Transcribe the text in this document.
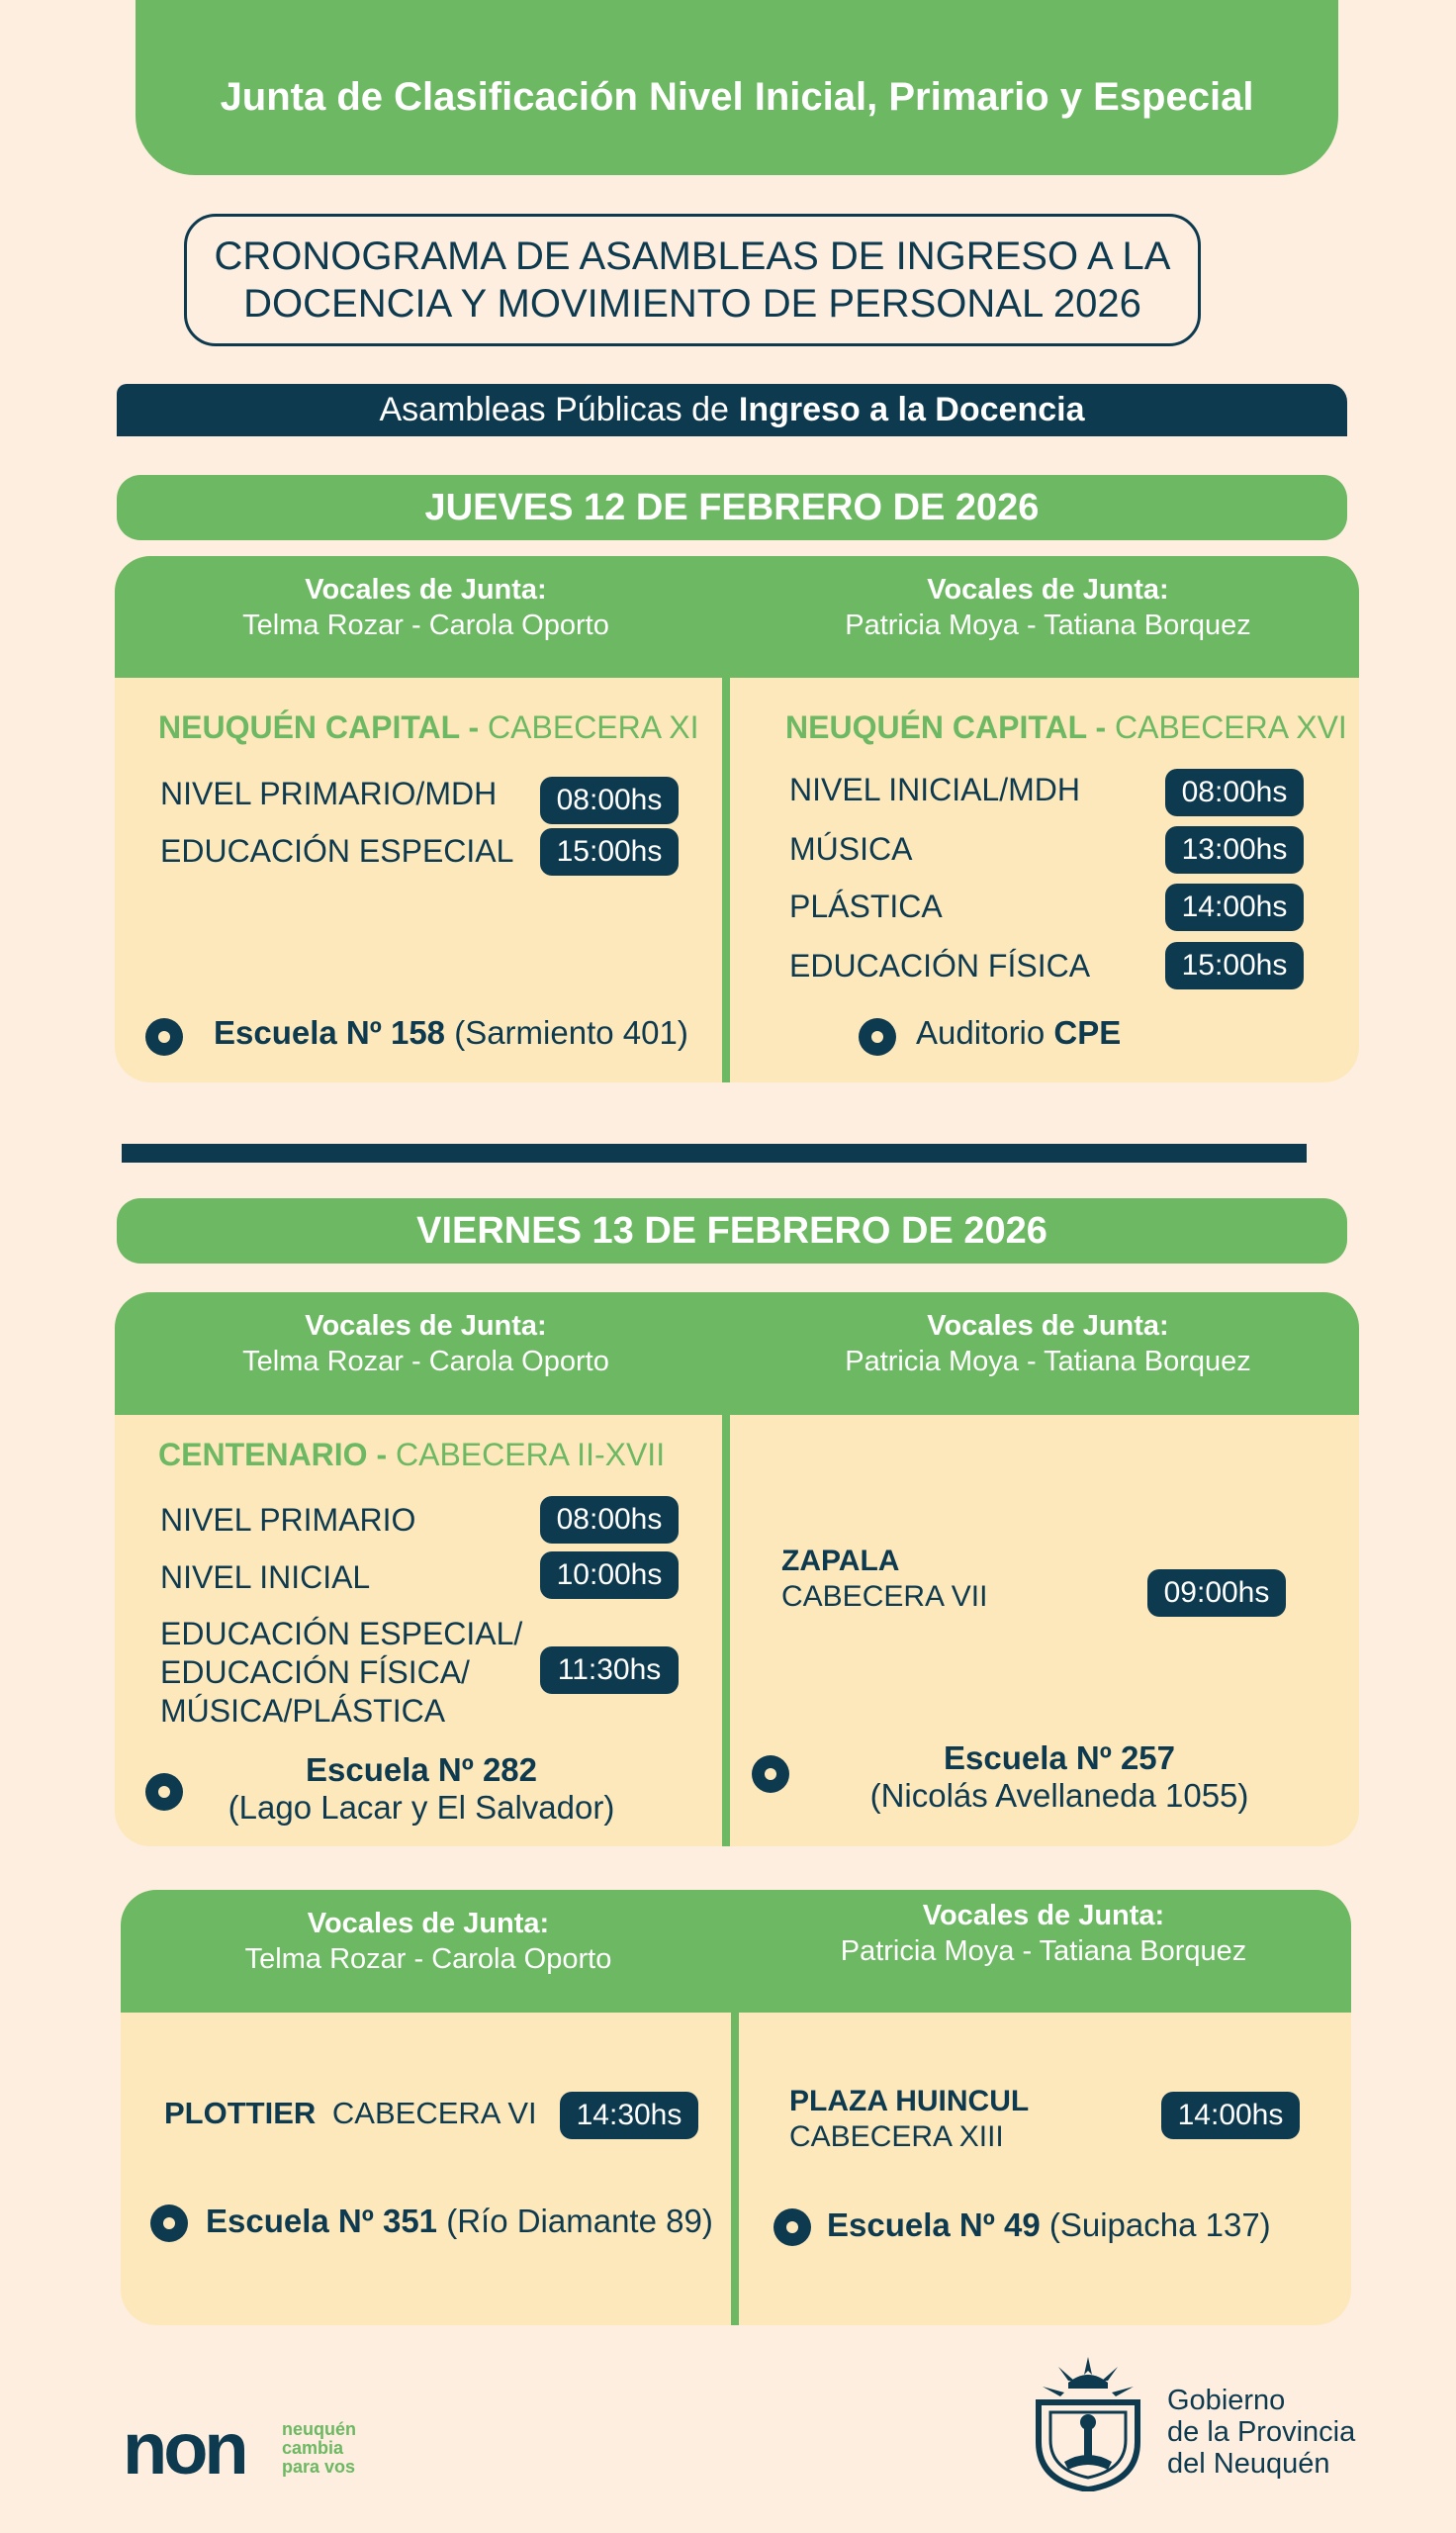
Junta de Clasificación Nivel Inicial, Primario y Especial
CRONOGRAMA DE ASAMBLEAS DE INGRESO A LA
DOCENCIA Y MOVIMIENTO DE PERSONAL 2026
Asambleas Públicas de Ingreso a la Docencia
JUEVES 12 DE FEBRERO DE 2026
Vocales de Junta:
Telma Rozar - Carola Oporto
Vocales de Junta:
Patricia Moya - Tatiana Borquez
NEUQUÉN CAPITAL - CABECERA XI
NIVEL PRIMARIO/MDH	08:00hs
EDUCACIÓN ESPECIAL	15:00hs
Escuela Nº 158 (Sarmiento 401)
NEUQUÉN CAPITAL - CABECERA XVI
NIVEL INICIAL/MDH	08:00hs
MÚSICA	13:00hs
PLÁSTICA	14:00hs
EDUCACIÓN FÍSICA	15:00hs
Auditorio CPE
VIERNES 13 DE FEBRERO DE 2026
Vocales de Junta:
Telma Rozar - Carola Oporto
Vocales de Junta:
Patricia Moya - Tatiana Borquez
CENTENARIO - CABECERA II-XVII
NIVEL PRIMARIO	08:00hs
NIVEL INICIAL	10:00hs
EDUCACIÓN ESPECIAL/
EDUCACIÓN FÍSICA/
MÚSICA/PLÁSTICA
11:30hs
Escuela Nº 282
(Lago Lacar y El Salvador)
ZAPALA
CABECERA VII	09:00hs
Escuela Nº 257
(Nicolás Avellaneda 1055)
Vocales de Junta:
Telma Rozar - Carola Oporto
Vocales de Junta:
Patricia Moya - Tatiana Borquez
PLOTTIER CABECERA VI	14:30hs
Escuela Nº 351 (Río Diamante 89)
PLAZA HUINCUL
CABECERA XIII
14:00hs
Escuela Nº 49 (Suipacha 137)
non neuquén
cambia
para vos
Gobierno
de la Provincia
del Neuquén
